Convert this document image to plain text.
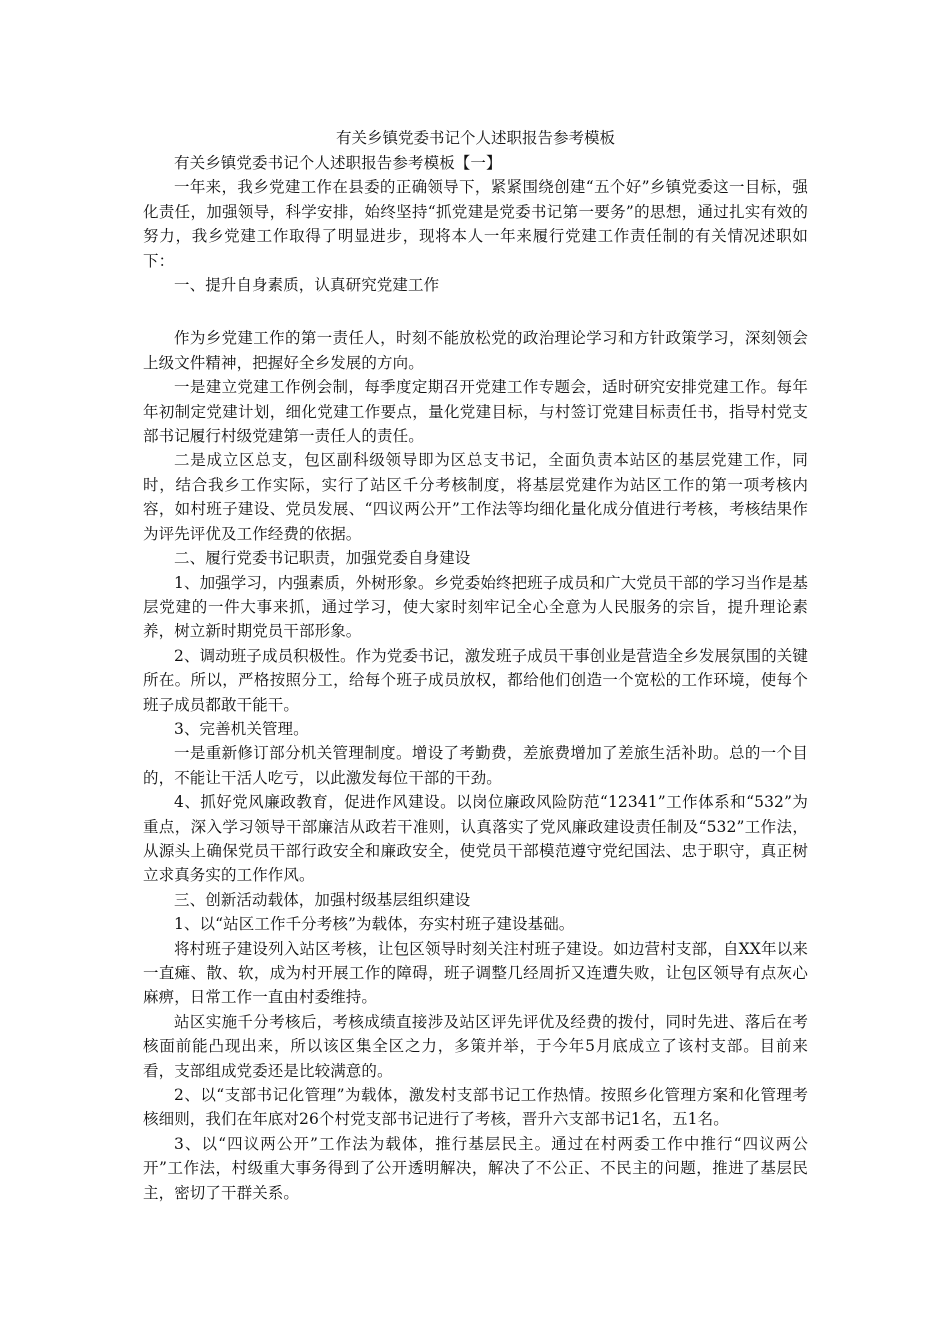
有关乡镇党委书记个人述职报告参考模板

有关乡镇党委书记个人述职报告参考模板【一】

一年来，我乡党建工作在县委的正确领导下，紧紧围绕创建“五个好”乡镇党委这一目标，强化责任，加强领导，科学安排，始终坚持“抓党建是党委书记第一要务”的思想，通过扎实有效的努力，我乡党建工作取得了明显进步，现将本人一年来履行党建工作责任制的有关情况述职如下：

一、提升自身素质，认真研究党建工作

作为乡党建工作的第一责任人，时刻不能放松党的政治理论学习和方针政策学习，深刻领会上级文件精神，把握好全乡发展的方向。

一是建立党建工作例会制，每季度定期召开党建工作专题会，适时研究安排党建工作。每年年初制定党建计划，细化党建工作要点，量化党建目标，与村签订党建目标责任书，指导村党支部书记履行村级党建第一责任人的责任。

二是成立区总支，包区副科级领导即为区总支书记，全面负责本站区的基层党建工作，同时，结合我乡工作实际，实行了站区千分考核制度，将基层党建作为站区工作的第一项考核内容，如村班子建设、党员发展、“四议两公开”工作法等均细化量化成分值进行考核，考核结果作为评先评优及工作经费的依据。

二、履行党委书记职责，加强党委自身建设

1、加强学习，内强素质，外树形象。乡党委始终把班子成员和广大党员干部的学习当作是基层党建的一件大事来抓，通过学习，使大家时刻牢记全心全意为人民服务的宗旨，提升理论素养，树立新时期党员干部形象。

2、调动班子成员积极性。作为党委书记，激发班子成员干事创业是营造全乡发展氛围的关键所在。所以，严格按照分工，给每个班子成员放权，都给他们创造一个宽松的工作环境，使每个班子成员都敢干能干。

3、完善机关管理。

一是重新修订部分机关管理制度。增设了考勤费，差旅费增加了差旅生活补助。总的一个目的，不能让干活人吃亏，以此激发每位干部的干劲。

4、抓好党风廉政教育，促进作风建设。以岗位廉政风险防范“12341”工作体系和“532”为重点，深入学习领导干部廉洁从政若干准则，认真落实了党风廉政建设责任制及“532”工作法，从源头上确保党员干部行政安全和廉政安全，使党员干部模范遵守党纪国法、忠于职守，真正树立求真务实的工作作风。

三、创新活动载体，加强村级基层组织建设

1、以“站区工作千分考核”为载体，夯实村班子建设基础。

将村班子建设列入站区考核，让包区领导时刻关注村班子建设。如边营村支部，自XX年以来一直瘫、散、软，成为村开展工作的障碍，班子调整几经周折又连遭失败，让包区领导有点灰心麻痹，日常工作一直由村委维持。

站区实施千分考核后，考核成绩直接涉及站区评先评优及经费的拨付，同时先进、落后在考核面前能凸现出来，所以该区集全区之力，多策并举，于今年5月底成立了该村支部。目前来看，支部组成党委还是比较满意的。

2、以“支部书记化管理”为载体，激发村支部书记工作热情。按照乡化管理方案和化管理考核细则，我们在年底对26个村党支部书记进行了考核，晋升六支部书记1名，五1名。

3、以“四议两公开”工作法为载体，推行基层民主。通过在村两委工作中推行“四议两公开”工作法，村级重大事务得到了公开透明解决，解决了不公正、不民主的问题，推进了基层民主，密切了干群关系。
